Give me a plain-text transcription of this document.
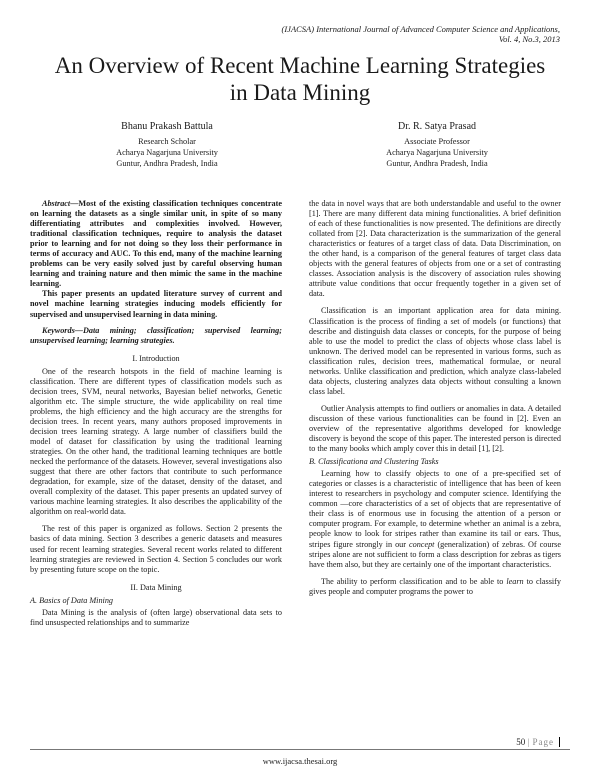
(IJACSA) International Journal of Advanced Computer Science and Applications,
Vol. 4, No.3, 2013
An Overview of Recent Machine Learning Strategies
in Data Mining
Bhanu Prakash Battula
Research Scholar
Acharya Nagarjuna University
Guntur, Andhra Pradesh, India
Dr. R. Satya Prasad
Associate Professor
Acharya Nagarjuna University
Guntur, Andhra Pradesh, India

Abstract—Most of the existing classification techniques concentrate on learning the datasets as a single similar unit, in spite of so many differentiating attributes and complexities involved. However, traditional classification techniques, require to analysis the dataset prior to learning and for not doing so they loss their performance in terms of accuracy and AUC. To this end, many of the machine learning problems can be very easily solved just by careful observing human learning and training nature and then mimic the same in the machine learning.

This paper presents an updated literature survey of current and novel machine learning strategies inducing models efficiently for supervised and unsupervised learning in data mining.

Keywords—Data mining; classification; supervised learning; unsupervised learning; learning strategies.

I. Introduction

One of the research hotspots in the field of machine learning is classification. There are different types of classification models such as decision trees, SVM, neural networks, Bayesian belief networks, Genetic algorithm etc. The simple structure, the wide applicability on real time problems, the high efficiency and the high accuracy are the strengths for decision trees. In recent years, many authors proposed improvements in decision trees learning strategy. A large number of classifiers build the model of dataset for classification by using the traditional learning strategies. On the other hand, the traditional learning techniques are bottle necked the performance of the datasets. However, several investigations also suggest that there are other factors that contribute to such performance degradation, for example, size of the dataset, density of the dataset, and overall complexity of the dataset. This paper presents an updated survey of various machine learning strategies. It also describes the applicability of the algorithm on real-world data.

The rest of this paper is organized as follows. Section 2 presents the basics of data mining. Section 3 describes a generic datasets and measures used for recent learning strategies. Several recent works related to different learning strategies are reviewed in Section 4. Section 5 concludes our work by presenting future scope on the topic.

II. Data Mining

A. Basics of Data Mining

Data Mining is the analysis of (often large) observational data sets to find unsuspected relationships and to summarize

the data in novel ways that are both understandable and useful to the owner [1]. There are many different data mining functionalities. A brief definition of each of these functionalities is now presented. The definitions are directly collated from [2]. Data characterization is the summarization of the general characteristics or features of a target class of data. Data Discrimination, on the other hand, is a comparison of the general features of target class data objects with the general features of objects from one or a set of contrasting classes. Association analysis is the discovery of association rules showing attribute value conditions that occur frequently together in a given set of data.

Classification is an important application area for data mining. Classification is the process of finding a set of models (or functions) that describe and distinguish data classes or concepts, for the purpose of being able to use the model to predict the class of objects whose class label is unknown. The derived model can be represented in various forms, such as classification rules, decision trees, mathematical formulae, or neural networks. Unlike classification and prediction, which analyze class-labeled data objects, clustering analyzes data objects without consulting a known class label.

Outlier Analysis attempts to find outliers or anomalies in data. A detailed discussion of these various functionalities can be found in [2]. Even an overview of the representative algorithms developed for knowledge discovery is beyond the scope of this paper. The interested person is directed to the many books which amply cover this in detail [1], [2].

B. Classificationa and Clustering Tasks

Learning how to classify objects to one of a pre-specified set of categories or classes is a characteristic of intelligence that has been of keen interest to researchers in psychology and computer science. Identifying the common —core characteristics of a set of objects that are representative of their class is of enormous use in focusing the attention of a person or computer program. For example, to determine whether an animal is a zebra, people know to look for stripes rather than examine its tail or ears. Thus, stripes figure strongly in our concept (generalization) of zebras. Of course stripes alone are not sufficient to form a class description for zebras as tigers have them also, but they are certainly one of the important characteristics.

The ability to perform classification and to be able to learn to classify gives people and computer programs the power to

50 | Page
www.ijacsa.thesai.org
